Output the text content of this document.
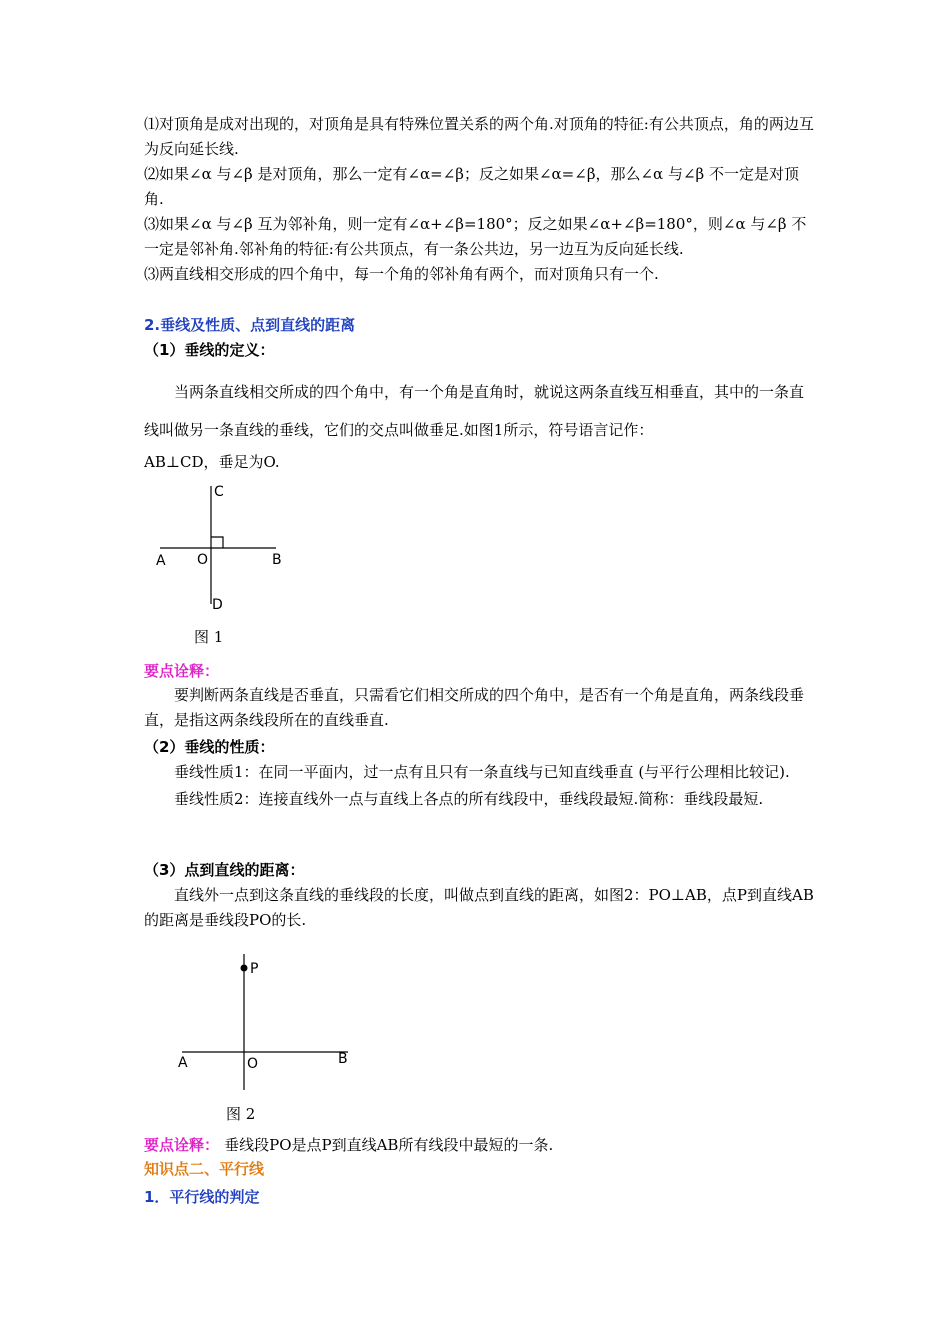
⑴对顶角是成对出现的，对顶角是具有特殊位置关系的两个角.对顶角的特征:有公共顶点，角的两边互为反向延长线.

⑵如果∠α 与∠β 是对顶角，那么一定有∠α=∠β；反之如果∠α=∠β，那么∠α 与∠β 不一定是对顶角.

⑶如果∠α 与∠β 互为邻补角，则一定有∠α+∠β=180°；反之如果∠α+∠β=180°，则∠α 与∠β 不一定是邻补角.邻补角的特征:有公共顶点，有一条公共边，另一边互为反向延长线.

⑶两直线相交形成的四个角中，每一个角的邻补角有两个，而对顶角只有一个.

2.垂线及性质、点到直线的距离
（1）垂线的定义：

当两条直线相交所成的四个角中，有一个角是直角时，就说这两条直线互相垂直，其中的一条直线叫做另一条直线的垂线，它们的交点叫做垂足.如图1所示，符号语言记作：

AB⊥CD，垂足为O.

C
A O	B
D
图 1
要点诠释：

要判断两条直线是否垂直，只需看它们相交所成的四个角中，是否有一个角是直角，两条线段垂直，是指这两条线段所在的直线垂直.

（2）垂线的性质：

垂线性质1：在同一平面内，过一点有且只有一条直线与已知直线垂直 (与平行公理相比较记).

垂线性质2：连接直线外一点与直线上各点的所有线段中，垂线段最短.简称：垂线段最短.

（3）点到直线的距离：

直线外一点到这条直线的垂线段的长度，叫做点到直线的距离，如图2：PO⊥AB，点P到直线AB的距离是垂线段PO的长.

P
A	O	B
图 2
要点诠释： 垂线段PO是点P到直线AB所有线段中最短的一条.
知识点二、平行线
1．平行线的判定
